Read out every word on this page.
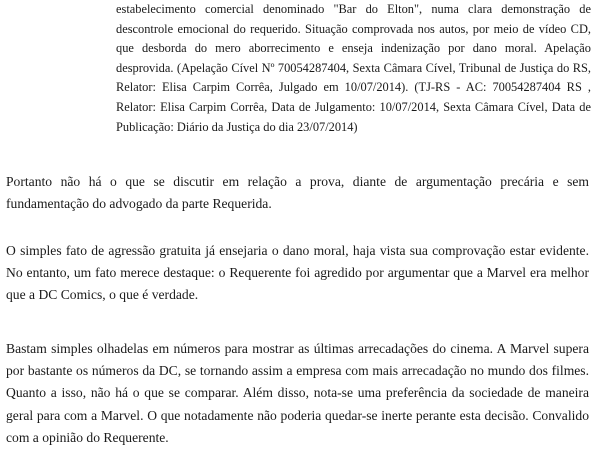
estabelecimento comercial denominado "Bar do Elton", numa clara demonstração de descontrole emocional do requerido. Situação comprovada nos autos, por meio de vídeo CD, que desborda do mero aborrecimento e enseja indenização por dano moral. Apelação desprovida. (Apelação Cível Nº 70054287404, Sexta Câmara Cível, Tribunal de Justiça do RS, Relator: Elisa Carpim Corrêa, Julgado em 10/07/2014). (TJ-RS - AC: 70054287404 RS , Relator: Elisa Carpim Corrêa, Data de Julgamento: 10/07/2014, Sexta Câmara Cível, Data de Publicação: Diário da Justiça do dia 23/07/2014)

Portanto não há o que se discutir em relação a prova, diante de argumentação precária e sem fundamentação do advogado da parte Requerida.

O simples fato de agressão gratuita já ensejaria o dano moral, haja vista sua comprovação estar evidente. No entanto, um fato merece destaque: o Requerente foi agredido por argumentar que a Marvel era melhor que a DC Comics, o que é verdade.

Bastam simples olhadelas em números para mostrar as últimas arrecadações do cinema. A Marvel supera por bastante os números da DC, se tornando assim a empresa com mais arrecadação no mundo dos filmes. Quanto a isso, não há o que se comparar. Além disso, nota-se uma preferência da sociedade de maneira geral para com a Marvel. O que notadamente não poderia quedar-se inerte perante esta decisão. Convalido com a opinião do Requerente.
